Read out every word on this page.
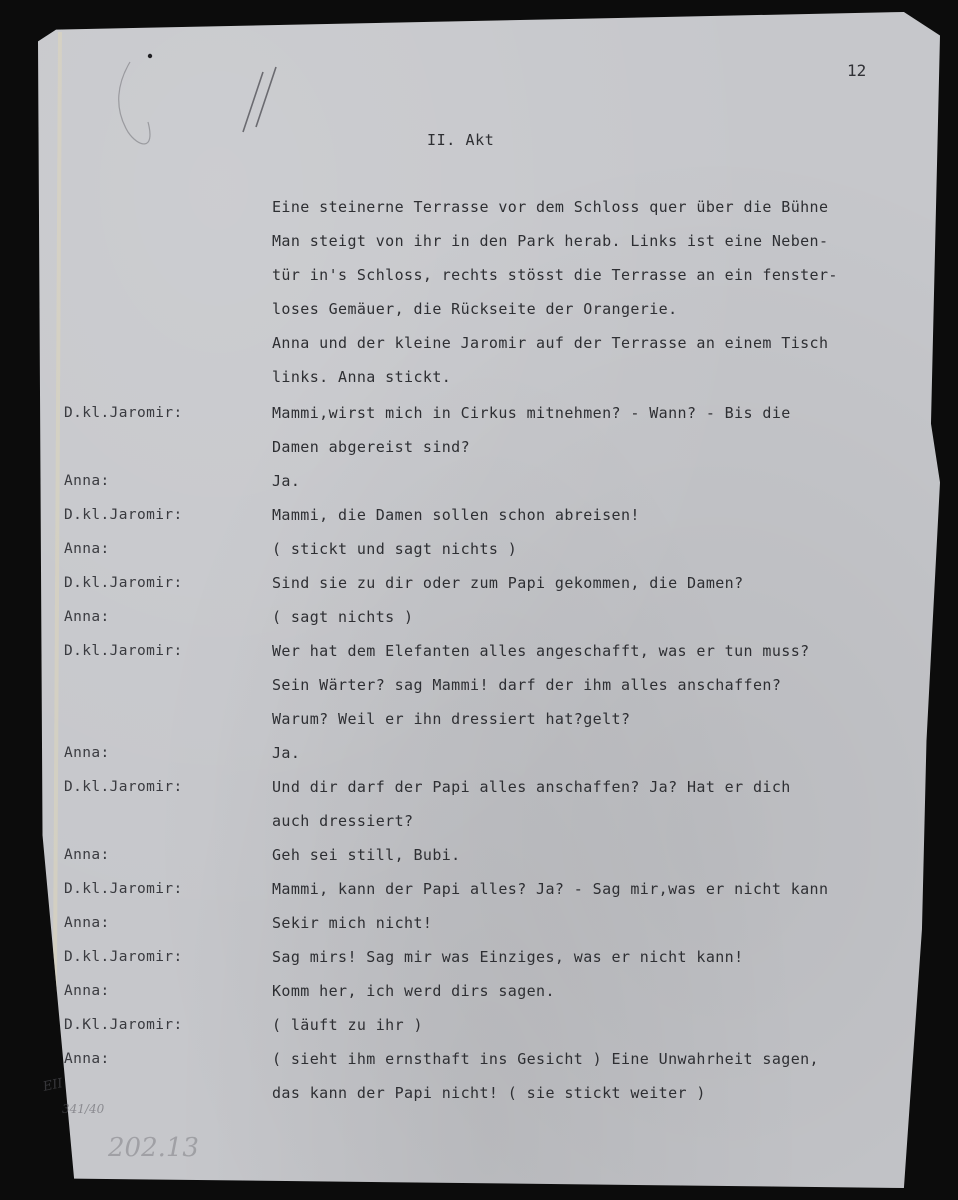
12
II. Akt
Eine steinerne Terrasse vor dem Schloss quer über die Bühne
Man steigt von ihr in den Park herab. Links ist eine Neben-
tür in's Schloss, rechts stösst die Terrasse an ein fenster-
loses Gemäuer, die Rückseite der Orangerie.
Anna und der kleine Jaromir auf der Terrasse an einem Tisch
links. Anna stickt.
D.kl.Jaromir:	Mammi,wirst mich in Cirkus mitnehmen? - Wann? - Bis die
Damen abgereist sind?
Anna:	Ja.
D.kl.Jaromir:	Mammi, die Damen sollen schon abreisen!
Anna:	( stickt und sagt nichts )
D.kl.Jaromir:	Sind sie zu dir oder zum Papi gekommen, die Damen?
Anna:	( sagt nichts )
D.kl.Jaromir:	Wer hat dem Elefanten alles angeschafft, was er tun muss?
Sein Wärter? sag Mammi! darf der ihm alles anschaffen?
Warum? Weil er ihn dressiert hat?gelt?
Anna:	Ja.
D.kl.Jaromir:	Und dir darf der Papi alles anschaffen? Ja? Hat er dich
auch dressiert?
Anna:	Geh sei still, Bubi.
D.kl.Jaromir:	Mammi, kann der Papi alles? Ja? - Sag mir,was er nicht kann
Anna:	Sekir mich nicht!
D.kl.Jaromir:	Sag mirs! Sag mir was Einziges, was er nicht kann!
Anna:	Komm her, ich werd dirs sagen.
D.Kl.Jaromir:	( läuft zu ihr )
Anna:	( sieht ihm ernsthaft ins Gesicht ) Eine Unwahrheit sagen,
das kann der Papi nicht! ( sie stickt weiter )
EII
341/40
202.13
